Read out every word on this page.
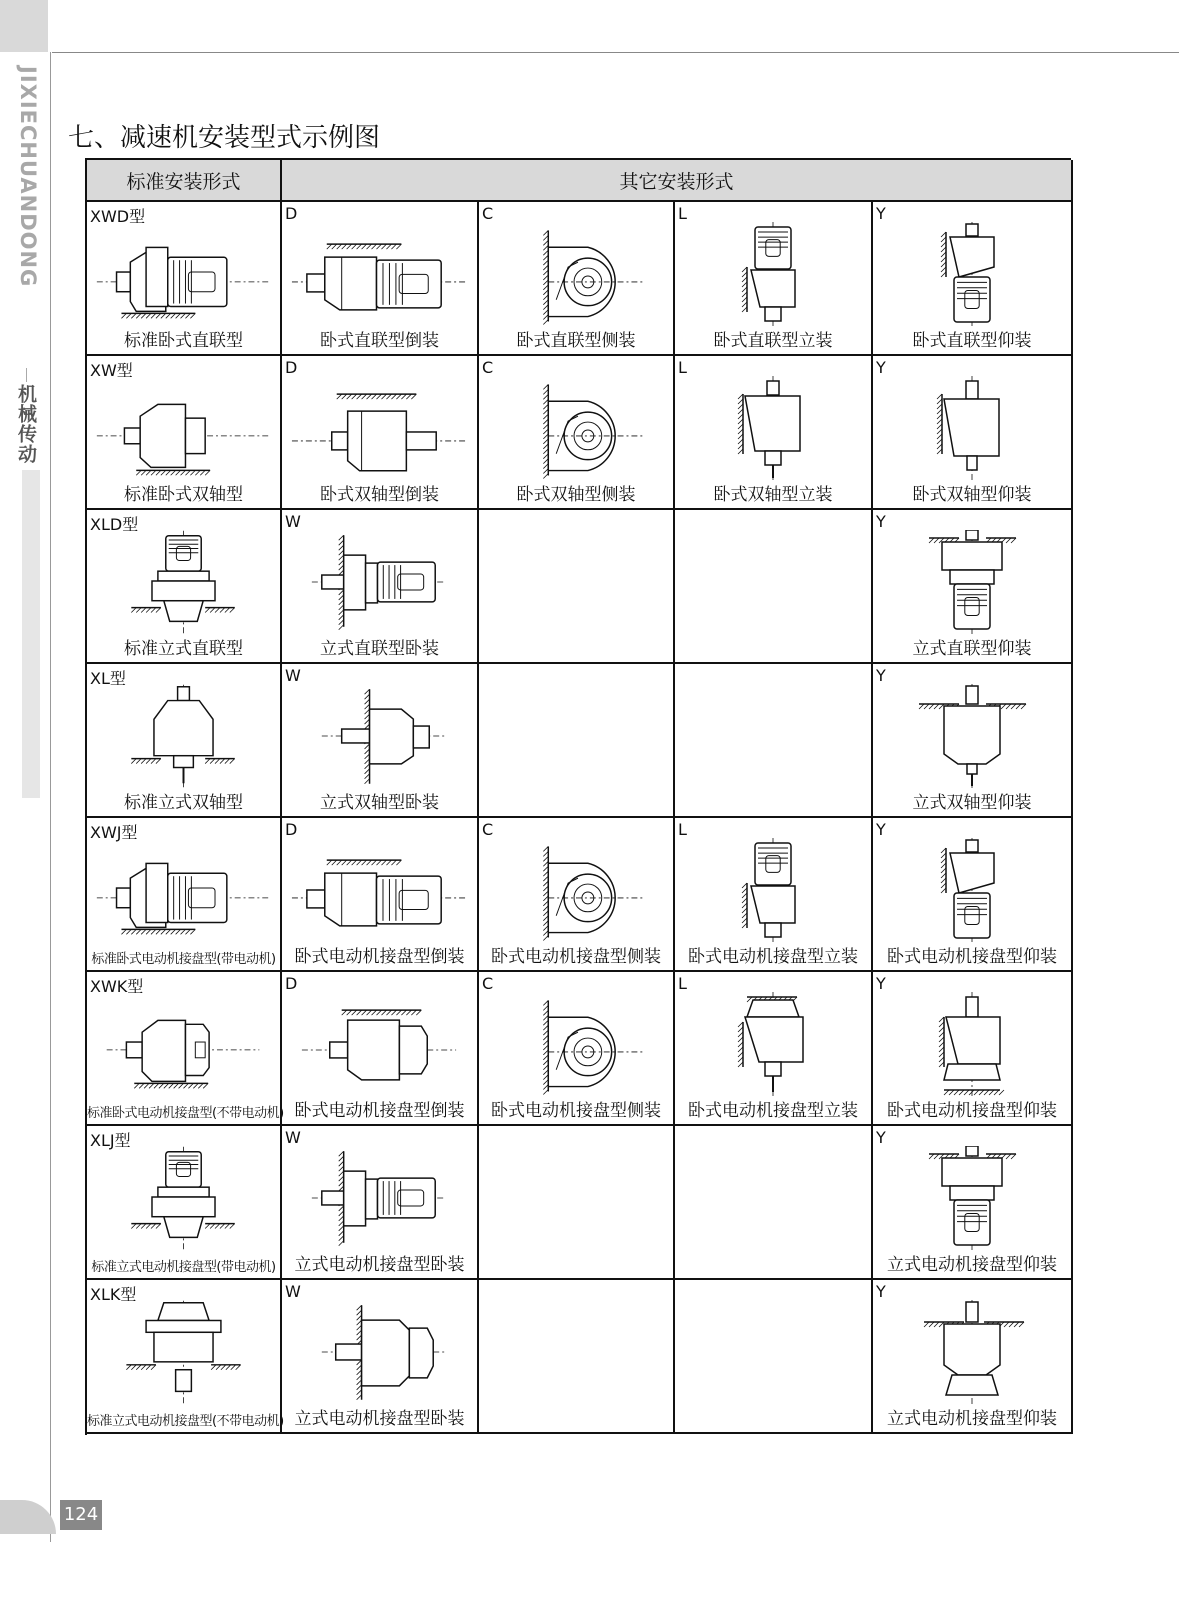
JIXIECHUANDONG
机械传动
七、减速机安装型式示例图
标准安装形式	其它安装形式
XWD型
标准卧式直联型
D
卧式直联型倒装
C
卧式直联型侧装
L
卧式直联型立装
Y
卧式直联型仰装
XW型
标准卧式双轴型
D
卧式双轴型倒装
C
卧式双轴型侧装
L
卧式双轴型立装
Y
卧式双轴型仰装
XLD型
标准立式直联型
W
立式直联型卧装
Y
立式直联型仰装
XL型
标准立式双轴型
W
立式双轴型卧装
Y
立式双轴型仰装
XWJ型
标准卧式电动机接盘型(带电动机)
D
卧式电动机接盘型倒装
C
卧式电动机接盘型侧装
L
卧式电动机接盘型立装
Y
卧式电动机接盘型仰装
XWK型
标准卧式电动机接盘型(不带电动机)
D
卧式电动机接盘型倒装
C
卧式电动机接盘型侧装
L
卧式电动机接盘型立装
Y
卧式电动机接盘型仰装
XLJ型
标准立式电动机接盘型(带电动机)
W
立式电动机接盘型卧装
Y
立式电动机接盘型仰装
XLK型
标准立式电动机接盘型(不带电动机)
W
立式电动机接盘型卧装
Y
立式电动机接盘型仰装
124
